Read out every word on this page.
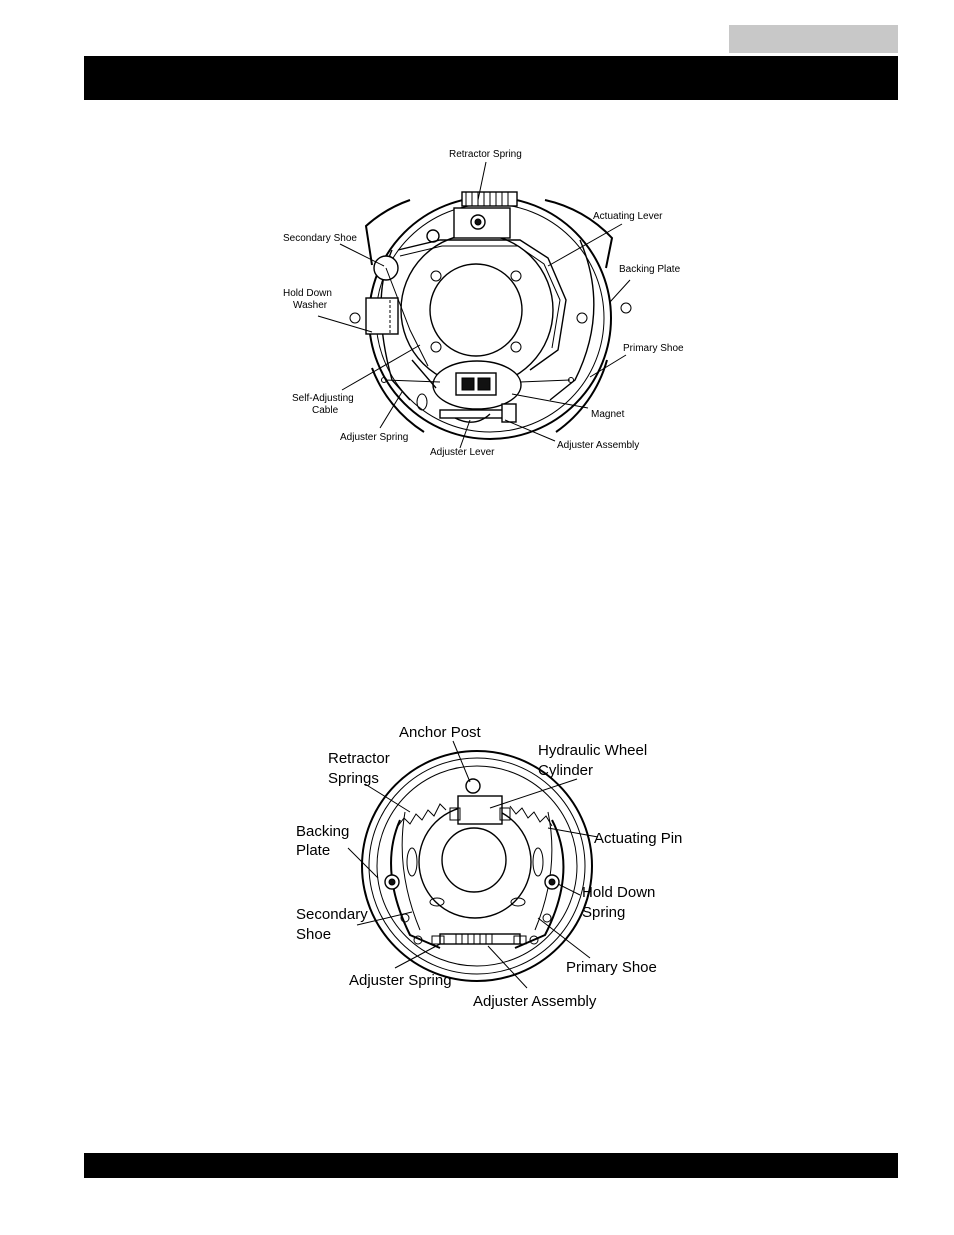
Retractor Spring
Actuating Lever
Secondary Shoe
Backing Plate
Hold Down
Washer
Primary Shoe
Self-Adjusting
Cable	Magnet
Adjuster Spring
Adjuster Assembly
Adjuster Lever
Anchor Post
Hydraulic Wheel
Cylinder
Retractor
Springs
Backing
Plate
Actuating Pin
Hold Down
Spring
Secondary
Shoe
Primary Shoe
Adjuster Spring
Adjuster Assembly
